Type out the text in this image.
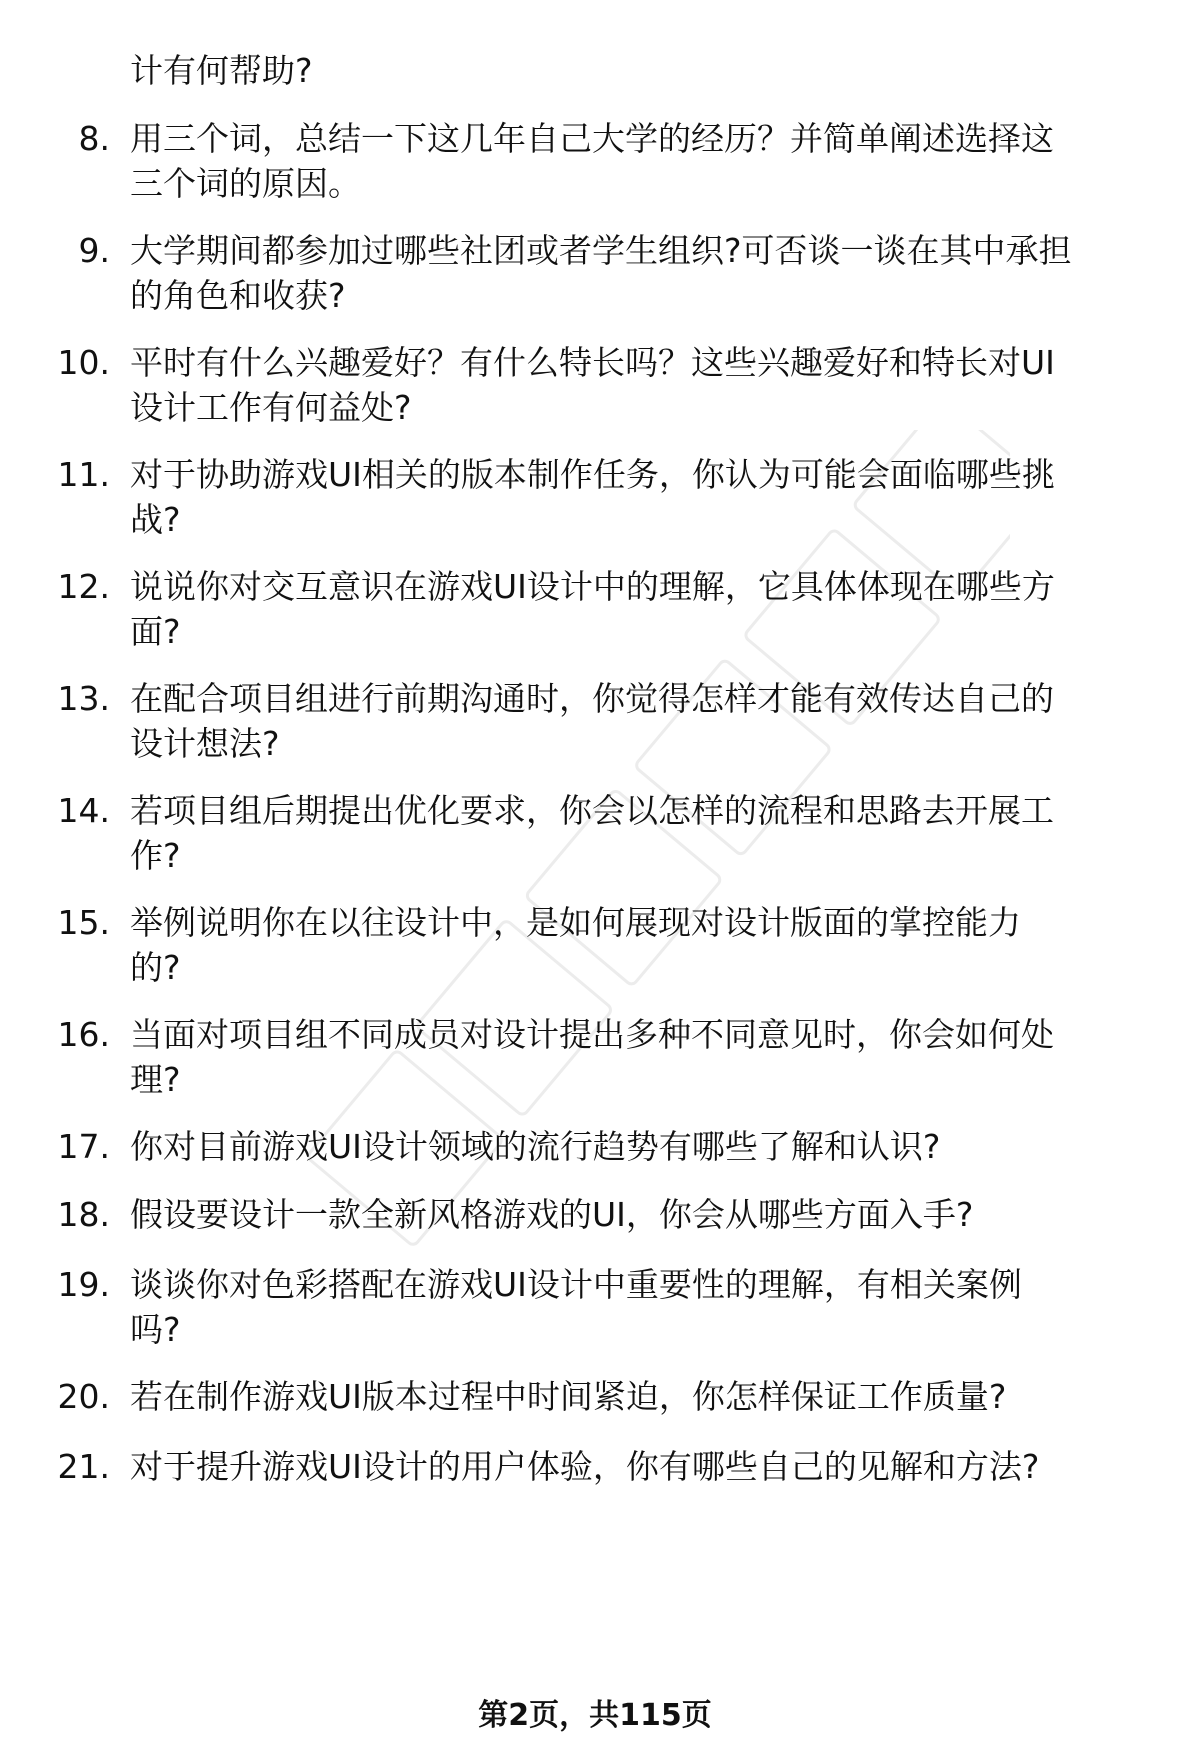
计有何帮助?
8. 用三个词，总结一下这几年自己大学的经历？并简单阐述选择这
三个词的原因。
9. 大学期间都参加过哪些社团或者学生组织?可否谈一谈在其中承担
的角色和收获?
10. 平时有什么兴趣爱好？有什么特长吗？这些兴趣爱好和特长对UI
设计工作有何益处?
11. 对于协助游戏UI相关的版本制作任务，你认为可能会面临哪些挑
战?
12. 说说你对交互意识在游戏UI设计中的理解，它具体体现在哪些方
面?
13. 在配合项目组进行前期沟通时，你觉得怎样才能有效传达自己的
设计想法?
14. 若项目组后期提出优化要求，你会以怎样的流程和思路去开展工
作?
15. 举例说明你在以往设计中，是如何展现对设计版面的掌控能力
的?
16. 当面对项目组不同成员对设计提出多种不同意见时，你会如何处
理?
17. 你对目前游戏UI设计领域的流行趋势有哪些了解和认识?
18. 假设要设计一款全新风格游戏的UI，你会从哪些方面入手?
19. 谈谈你对色彩搭配在游戏UI设计中重要性的理解，有相关案例
吗?
20. 若在制作游戏UI版本过程中时间紧迫，你怎样保证工作质量?
21. 对于提升游戏UI设计的用户体验，你有哪些自己的见解和方法?
第2页，共115页
